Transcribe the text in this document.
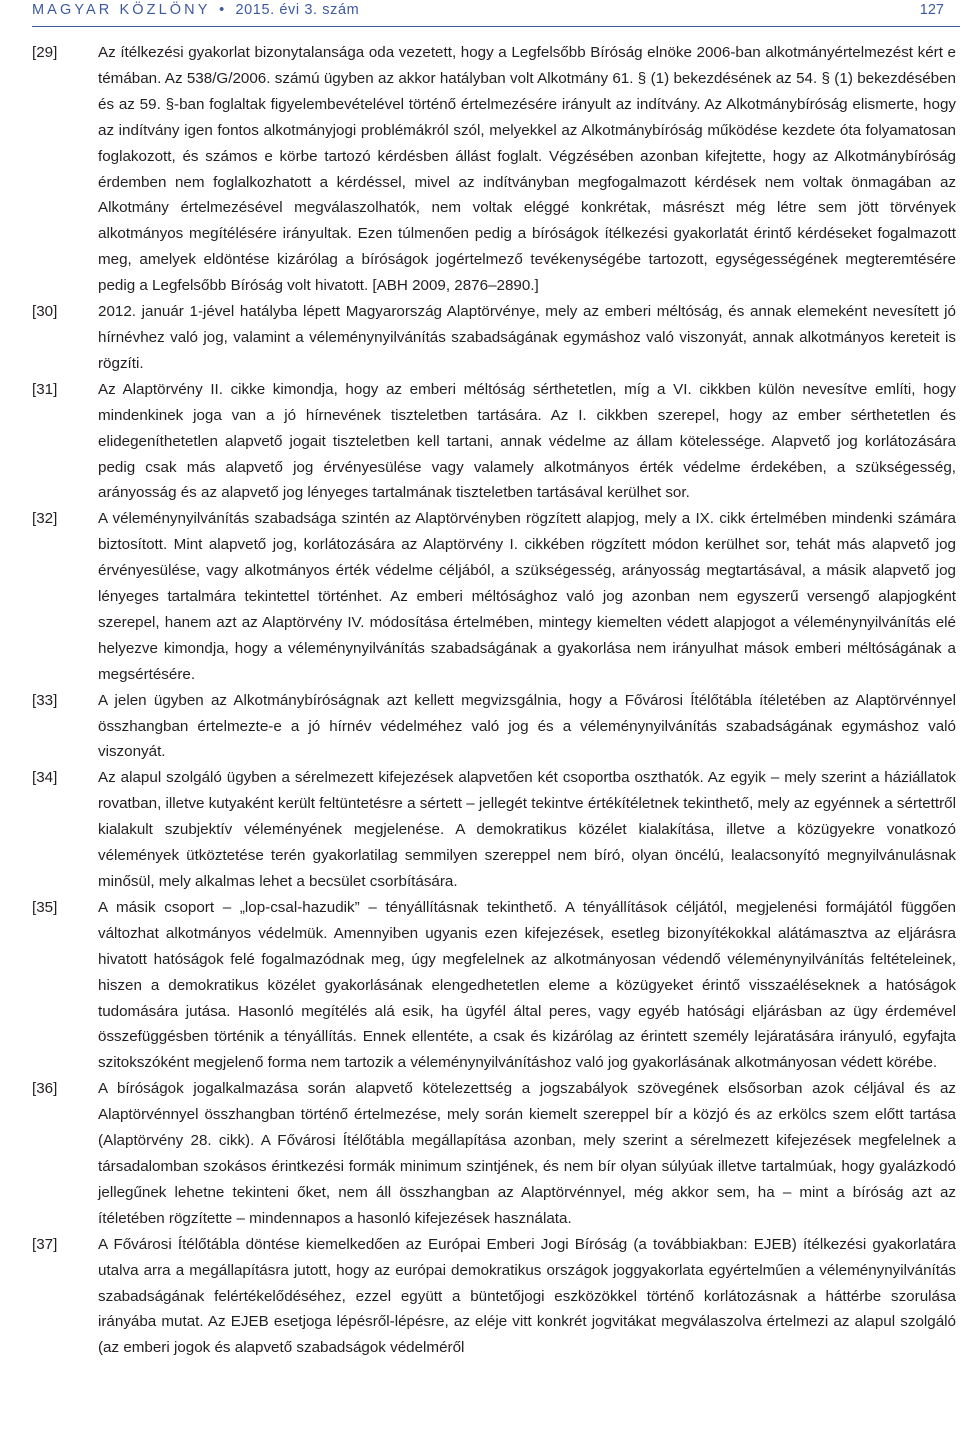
MAGYAR KÖZLÖNY • 2015. évi 3. szám	127

[29]	Az ítélkezési gyakorlat bizonytalansága oda vezetett, hogy a Legfelsőbb Bíróság elnöke 2006-ban alkotmányértelmezést kért e témában. Az 538/G/2006. számú ügyben az akkor hatályban volt Alkotmány 61. § (1) bekezdésének az 54. § (1) bekezdésében és az 59. §-ban foglaltak figyelembevételével történő értelmezésére irányult az indítvány. Az Alkotmánybíróság elismerte, hogy az indítvány igen fontos alkotmányjogi problémákról szól, melyekkel az Alkotmánybíróság működése kezdete óta folyamatosan foglakozott, és számos e körbe tartozó kérdésben állást foglalt. Végzésében azonban kifejtette, hogy az Alkotmánybíróság érdemben nem foglalkozhatott a kérdéssel, mivel az indítványban megfogalmazott kérdések nem voltak önmagában az Alkotmány értelmezésével megválaszolhatók, nem voltak eléggé konkrétak, másrészt még létre sem jött törvények alkotmányos megítélésére irányultak. Ezen túlmenően pedig a bíróságok ítélkezési gyakorlatát érintő kérdéseket fogalmazott meg, amelyek eldöntése kizárólag a bíróságok jogértelmező tevékenységébe tartozott, egységességének megteremtésére pedig a Legfelsőbb Bíróság volt hivatott. [ABH 2009, 2876–2890.]

[30]	2012. január 1-jével hatályba lépett Magyarország Alaptörvénye, mely az emberi méltóság, és annak elemeként nevesített jó hírnévhez való jog, valamint a véleménynyilvánítás szabadságának egymáshoz való viszonyát, annak alkotmányos kereteit is rögzíti.

[31]	Az Alaptörvény II. cikke kimondja, hogy az emberi méltóság sérthetetlen, míg a VI. cikkben külön nevesítve említi, hogy mindenkinek joga van a jó hírnevének tiszteletben tartására. Az I. cikkben szerepel, hogy az ember sérthetetlen és elidegeníthetetlen alapvető jogait tiszteletben kell tartani, annak védelme az állam kötelessége. Alapvető jog korlátozására pedig csak más alapvető jog érvényesülése vagy valamely alkotmányos érték védelme érdekében, a szükségesség, arányosság és az alapvető jog lényeges tartalmának tiszteletben tartásával kerülhet sor.

[32]	A véleménynyilvánítás szabadsága szintén az Alaptörvényben rögzített alapjog, mely a IX. cikk értelmében mindenki számára biztosított. Mint alapvető jog, korlátozására az Alaptörvény I. cikkében rögzített módon kerülhet sor, tehát más alapvető jog érvényesülése, vagy alkotmányos érték védelme céljából, a szükségesség, arányosság megtartásával, a másik alapvető jog lényeges tartalmára tekintettel történhet. Az emberi méltósághoz való jog azonban nem egyszerű versengő alapjogként szerepel, hanem azt az Alaptörvény IV. módosítása értelmében, mintegy kiemelten védett alapjogot a véleménynyilvánítás elé helyezve kimondja, hogy a véleménynyilvánítás szabadságának a gyakorlása nem irányulhat mások emberi méltóságának a megsértésére.

[33]	A jelen ügyben az Alkotmánybíróságnak azt kellett megvizsgálnia, hogy a Fővárosi Ítélőtábla ítéletében az Alaptörvénnyel összhangban értelmezte-e a jó hírnév védelméhez való jog és a véleménynyilvánítás szabadságának egymáshoz való viszonyát.

[34]	Az alapul szolgáló ügyben a sérelmezett kifejezések alapvetően két csoportba oszthatók. Az egyik – mely szerint a háziállatok rovatban, illetve kutyaként került feltüntetésre a sértett – jellegét tekintve értékítéletnek tekinthető, mely az egyénnek a sértettről kialakult szubjektív véleményének megjelenése. A demokratikus közélet kialakítása, illetve a közügyekre vonatkozó vélemények ütköztetése terén gyakorlatilag semmilyen szereppel nem bíró, olyan öncélú, lealacsonyító megnyilvánulásnak minősül, mely alkalmas lehet a becsület csorbítására.

[35]	A másik csoport – „lop-csal-hazudik” – tényállításnak tekinthető. A tényállítások céljától, megjelenési formájától függően változhat alkotmányos védelmük. Amennyiben ugyanis ezen kifejezések, esetleg bizonyítékokkal alátámasztva az eljárásra hivatott hatóságok felé fogalmazódnak meg, úgy megfelelnek az alkotmányosan védendő véleménynyilvánítás feltételeinek, hiszen a demokratikus közélet gyakorlásának elengedhetetlen eleme a közügyeket érintő visszaéléseknek a hatóságok tudomására jutása. Hasonló megítélés alá esik, ha ügyfél által peres, vagy egyéb hatósági eljárásban az ügy érdemével összefüggésben történik a tényállítás. Ennek ellentéte, a csak és kizárólag az érintett személy lejáratására irányuló, egyfajta szitokszóként megjelenő forma nem tartozik a véleménynyilvánításhoz való jog gyakorlásának alkotmányosan védett körébe.

[36]	A bíróságok jogalkalmazása során alapvető kötelezettség a jogszabályok szövegének elsősorban azok céljával és az Alaptörvénnyel összhangban történő értelmezése, mely során kiemelt szereppel bír a közjó és az erkölcs szem előtt tartása (Alaptörvény 28. cikk). A Fővárosi Ítélőtábla megállapítása azonban, mely szerint a sérelmezett kifejezések megfelelnek a társadalomban szokásos érintkezési formák minimum szintjének, és nem bír olyan súlyúak illetve tartalmúak, hogy gyalázkodó jellegűnek lehetne tekinteni őket, nem áll összhangban az Alaptörvénnyel, még akkor sem, ha – mint a bíróság azt az ítéletében rögzítette – mindennapos a hasonló kifejezések használata.

[37]	A Fővárosi Ítélőtábla döntése kiemelkedően az Európai Emberi Jogi Bíróság (a továbbiakban: EJEB) ítélkezési gyakorlatára utalva arra a megállapításra jutott, hogy az európai demokratikus országok joggyakorlata egyértelműen a véleménynyilvánítás szabadságának felértékelődéséhez, ezzel együtt a büntetőjogi eszközökkel történő korlátozásnak a háttérbe szorulása irányába mutat. Az EJEB esetjoga lépésről-lépésre, az eléje vitt konkrét jogvitákat megválaszolva értelmezi az alapul szolgáló (az emberi jogok és alapvető szabadságok védelméről
